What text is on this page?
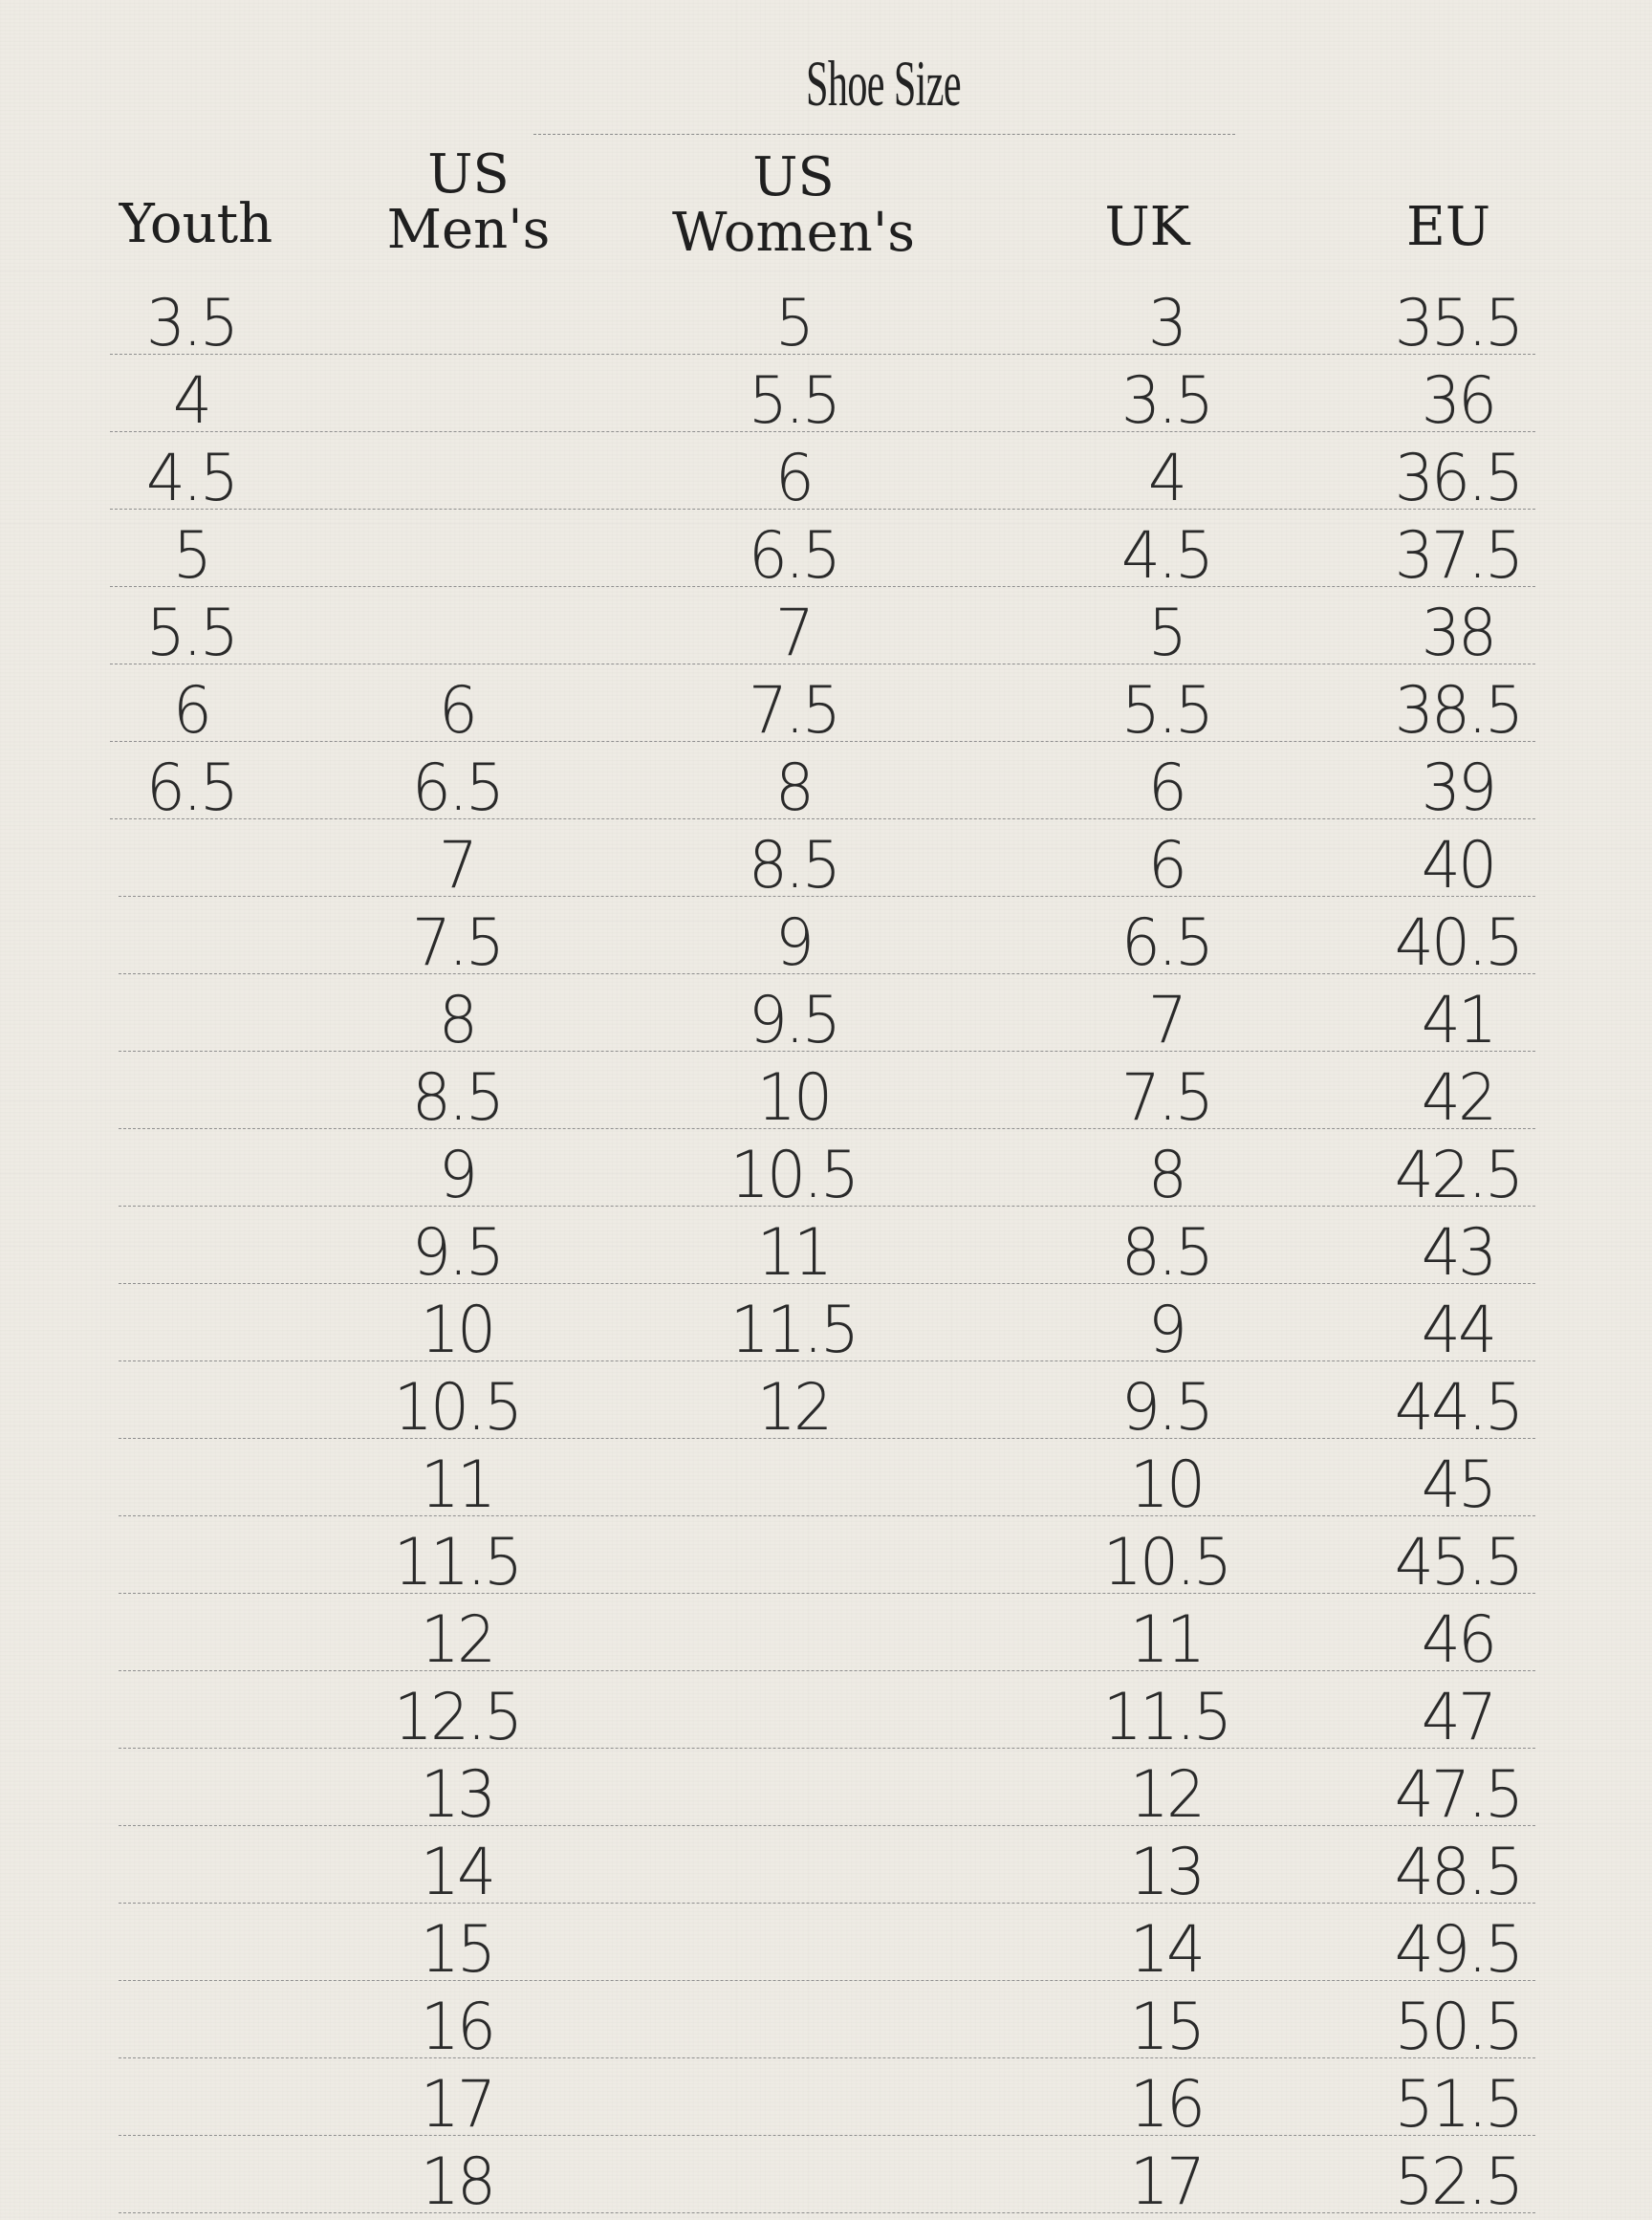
Shoe Size
Youth
US
Men's
US
Women's	UK	EU
3.5
4
4.5
5
5.5
6
6.5
6
6.5
7
7.5
8
8.5
9
9.5
10
10.5
11
11.5
12
12.5
13
14
15
16
17
18
5
5.5
6
6.5
7
7.5
8
8.5
9
9.5
10
10.5
11
11.5
12
3
3.5
4
4.5
5
5.5
6
6
6.5
7
7.5
8
8.5
9
9.5
10
10.5
11
11.5
12
13
14
15
16
17
35.5
36
36.5
37.5
38
38.5
39
40
40.5
41
42
42.5
43
44
44.5
45
45.5
46
47
47.5
48.5
49.5
50.5
51.5
52.5
